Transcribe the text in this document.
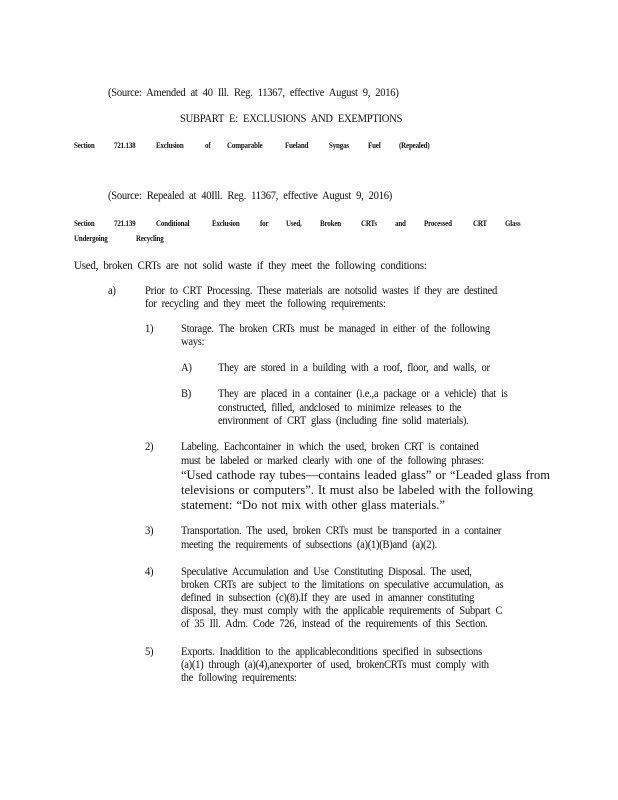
(Source: Amended at 40 Ill. Reg. 11367, effective August 9, 2016)
SUBPART E: EXCLUSIONS AND EXEMPTIONS
Section 721.138 Exclusion	of Comparable	Fueland Syngas Fuel (Repealed)
(Source: Repealed at 40Ill. Reg. 11367, effective August 9, 2016)
Section 721.139 Conditional	Exclusion for Used, Broken CRTs and Processed	CRT Glass
Undergoing	Recycling
Used, broken CRTs are not solid waste if they meet the following conditions:
a)	Prior to CRT Processing. These materials are notsolid wastes if they are destined
for recycling and they meet the following requirements:
1) Storage. The broken CRTs must be managed in either of the following
ways:
A) They are stored in a building with a roof, floor, and walls, or
B) They are placed in a container (i.e.,a package or a vehicle) that is
constructed, filled, andclosed to minimize releases to the
environment of CRT glass (including fine solid materials).
2) Labeling. Eachcontainer in which the used, broken CRT is contained
must be labeled or marked clearly with one of the following phrases:
“Used cathode ray tubes—contains leaded glass” or “Leaded glass from
televisions or computers”. It must also be labeled with the following
statement: “Do not mix with other glass materials.”
3) Transportation. The used, broken CRTs must be transported in a container
meeting the requirements of subsections (a)(1)(B)and (a)(2).
4) Speculative Accumulation and Use Constituting Disposal. The used,
broken CRTs are subject to the limitations on speculative accumulation, as
defined in subsection (c)(8).If they are used in amanner constituting
disposal, they must comply with the applicable requirements of Subpart C
of 35 Ill. Adm. Code 726, instead of the requirements of this Section.
5) Exports. Inaddition to the applicableconditions specified in subsections
(a)(1) through (a)(4),anexporter of used, brokenCRTs must comply with
the following requirements:
